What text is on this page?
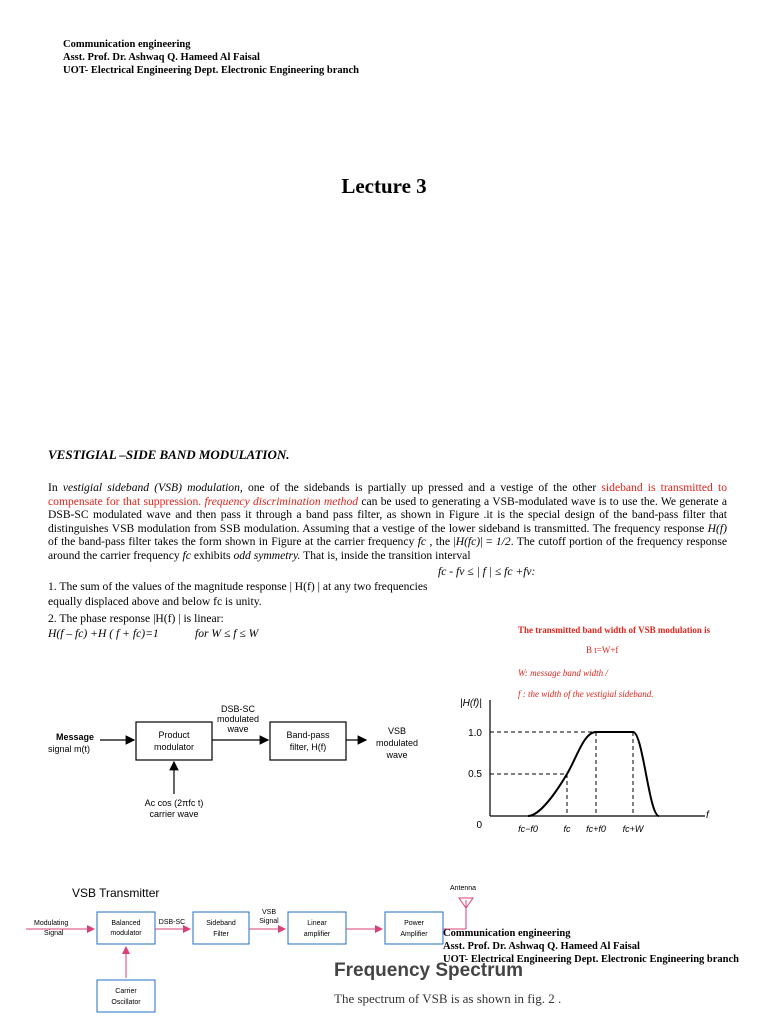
Communication engineering
Asst. Prof. Dr. Ashwaq Q. Hameed Al Faisal
UOT- Electrical Engineering Dept. Electronic Engineering branch
Lecture 3
VESTIGIAL –SIDE BAND MODULATION.
In vestigial sideband (VSB) modulation, one of the sidebands is partially up pressed and a vestige of the other sideband is transmitted to compensate for that suppression. frequency discrimination method can be used to generating a VSB-modulated wave is to use the. We generate a DSB-SC modulated wave and then pass it through a band pass filter, as shown in Figure .it is the special design of the band-pass filter that distinguishes VSB modulation from SSB modulation. Assuming that a vestige of the lower sideband is transmitted. The frequency response H(f) of the band-pass filter takes the form shown in Figure at the carrier frequency fc , the |H(fc)| = 1/2. The cutoff portion of the frequency response around the carrier frequency fc exhibits odd symmetry. That is, inside the transition interval
fc - fv ≤ | f | ≤ fc +fv:
1. The sum of the values of the magnitude response | H(f) | at any two frequencies
equally displaced above and below fc is unity.
2. The phase response |H(f) | is linear:
H(f – fc) +H ( f + fc)=1	for W ≤ f ≤ W	The transmitted band width of VSB modulation is
B t=W+f
W: message band width /
f : the width of the vestigial sideband.
Message
signal m(t)
Product
modulator
DSB-SC
modulated
wave
Band-pass
filter, H(f)
VSB
modulated
wave
Ac cos (2πfc t)
carrier wave
|H(f)|
1.0
0.5
0
f
fc−f0	fc fc+f0 fc+W
VSB Transmitter
Modulating
Signal
Balanced
modulator
DSB-SC	Sideband
Filter
VSB
Signal	Linear
amplifier
Power
Amplifier
Antenna
Carrier
Oscillator
Communication engineering
Asst. Prof. Dr. Ashwaq Q. Hameed Al Faisal
UOT- Electrical Engineering Dept. Electronic Engineering branch
Frequency Spectrum
The spectrum of VSB is as shown in fig. 2 .
